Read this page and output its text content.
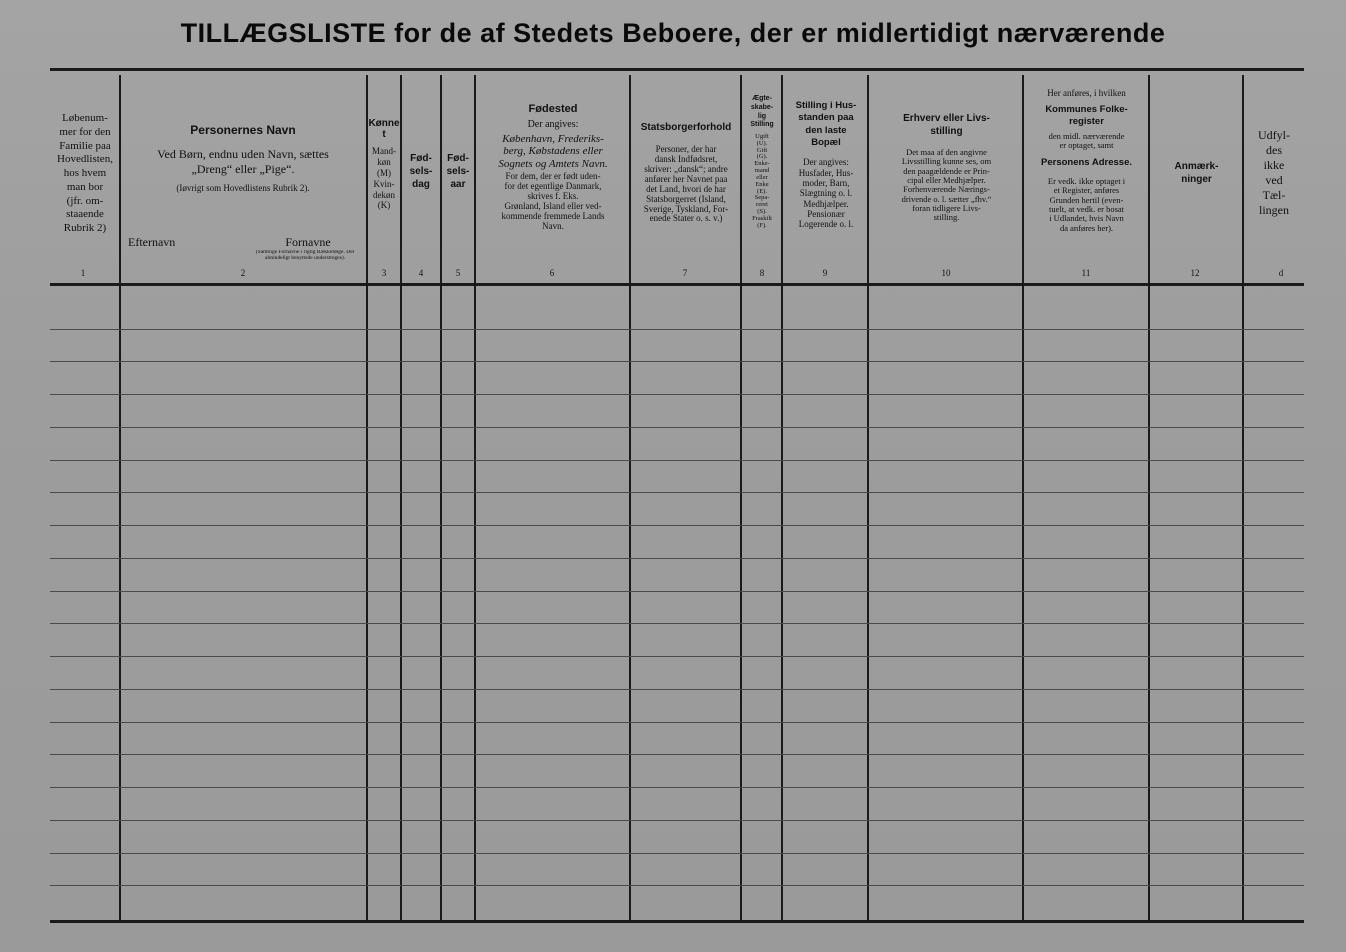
TILLÆGSLISTE for de af Stedets Beboere, der er midlertidigt nærværende
Løbenum-
mer for den
Familie paa
Hovedlisten,
hos hvem
man bor
(jfr. om-
staaende
Rubrik 2)
1
Personernes Navn
Ved Børn, endnu uden Navn, sættes
„Dreng“ eller „Pige“.
(Iøvrigt som Hovedlistens Rubrik 2).
Efternavn	Fornavne
(Samtlige Fornavne i rigtig Rækkefølge. Det almindeligt benyttede understreges).
2
Kønnet
Mand-
køn
(M)
Kvin-
dekøn
(K)
3
Fød-
sels-
dag
4
Fød-
sels-
aar
5
Fødested
Der angives:
København, Frederiks-
berg, Købstadens eller
Sognets og Amtets Navn.
For dem, der er født uden-
for det egentlige Danmark,
skrives f. Eks.
Grønland, Island eller ved-
kommende fremmede Lands
Navn.
6
Statsborgerforhold
Personer, der har
dansk Indfødsret,
skriver: „dansk“; andre
anfører her Navnet paa
det Land, hvori de har
Statsborgerret (Island,
Sverige, Tyskland, For-
enede Stater o. s. v.)
7
Ægte-
skabe-
lig
Stilling
Ugift
(U).
Gift
(G).
Enke-
mand
eller
Enke
(E).
Sepa-
reret
(S).
Fraskilt
(F).
8
Stilling i Hus-
standen paa
den laste
Bopæl
Der angives:
Husfader, Hus-
moder, Barn,
Slægtning o. l.
Medhjælper.
Pensionær
Logerende o. l.
9
Erhverv eller Livs-
stilling
Det maa af den angivne
Livsstilling kunne ses, om
den paagældende er Prin-
cipal eller Medhjælper.
Forhenværende Nærings-
drivende o. l. sætter „fhv.“
foran tidligere Livs-
stilling.
10
Her anføres, i hvilken
Kommunes Folke-
register
den midl. nærværende
er optaget, samt
Personens Adresse.
Er vedk. ikke optaget i
et Register, anføres
Grunden hertil (even-
tuelt, at vedk. er bosat
i Udlandet, hvis Navn
da anføres her).
11
Anmærk-
ninger
12
Udfyl-
des
ikke
ved
Tæl-
lingen
d
